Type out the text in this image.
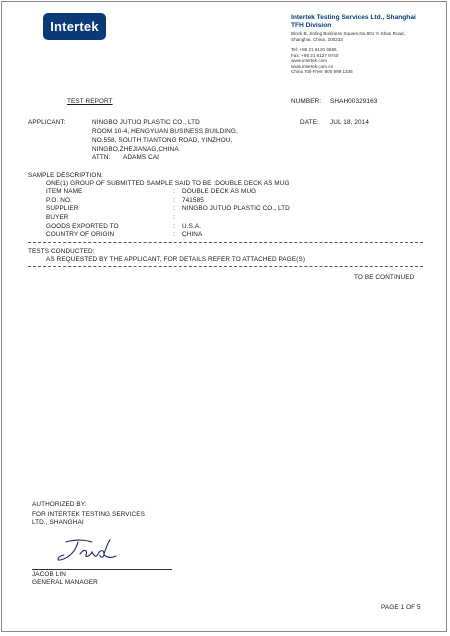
Intertek
Intertek Testing Services Ltd., Shanghai
TFH Division
Block B, Jinling Business Square,No.801 Yi Shan Road,
Shanghai, China, 200233
Tel: +86 21 6120 6565
Fax: +86 21 6127 9740
www.intertek.com
www.intertek.com.cn
China Toll-Free: 800 999 1336
TEST REPORT	NUMBER: SHAH00329163
APPLICANT:	NINGBO JUTUO PLASTIC CO., LTD
ROOM 10-4, HENGYUAN BUSINESS BUILDING,
NO.558, SOUTH TIANTONG ROAD, YINZHOU,
NINGBO,ZHEJIANAG,CHINA
ATTN: ADAMS CAI
DATE: JUL 18, 2014
SAMPLE DESCRIPTION:
ONE(1) GROUP OF SUBMITTED SAMPLE SAID TO BE :DOUBLE DECK AS MUG
ITEM NAME	: DOUBLE DECK AS MUG
P.O. NO.	: 741585
SUPPLIER	: NINGBO JUTUO PLASTIC CO., LTD
BUYER	:
GOODS EXPORTED TO	: U.S.A.
COUNTRY OF ORIGIN	: CHINA
TESTS CONDUCTED:
AS REQUESTED BY THE APPLICANT, FOR DETAILS REFER TO ATTACHED PAGE(S)
TO BE CONTINUED
AUTHORIZED BY:
FOR INTERTEK TESTING SERVICES
LTD., SHANGHAI
JACOB LIN
GENERAL MANAGER
PAGE 1 OF 5
